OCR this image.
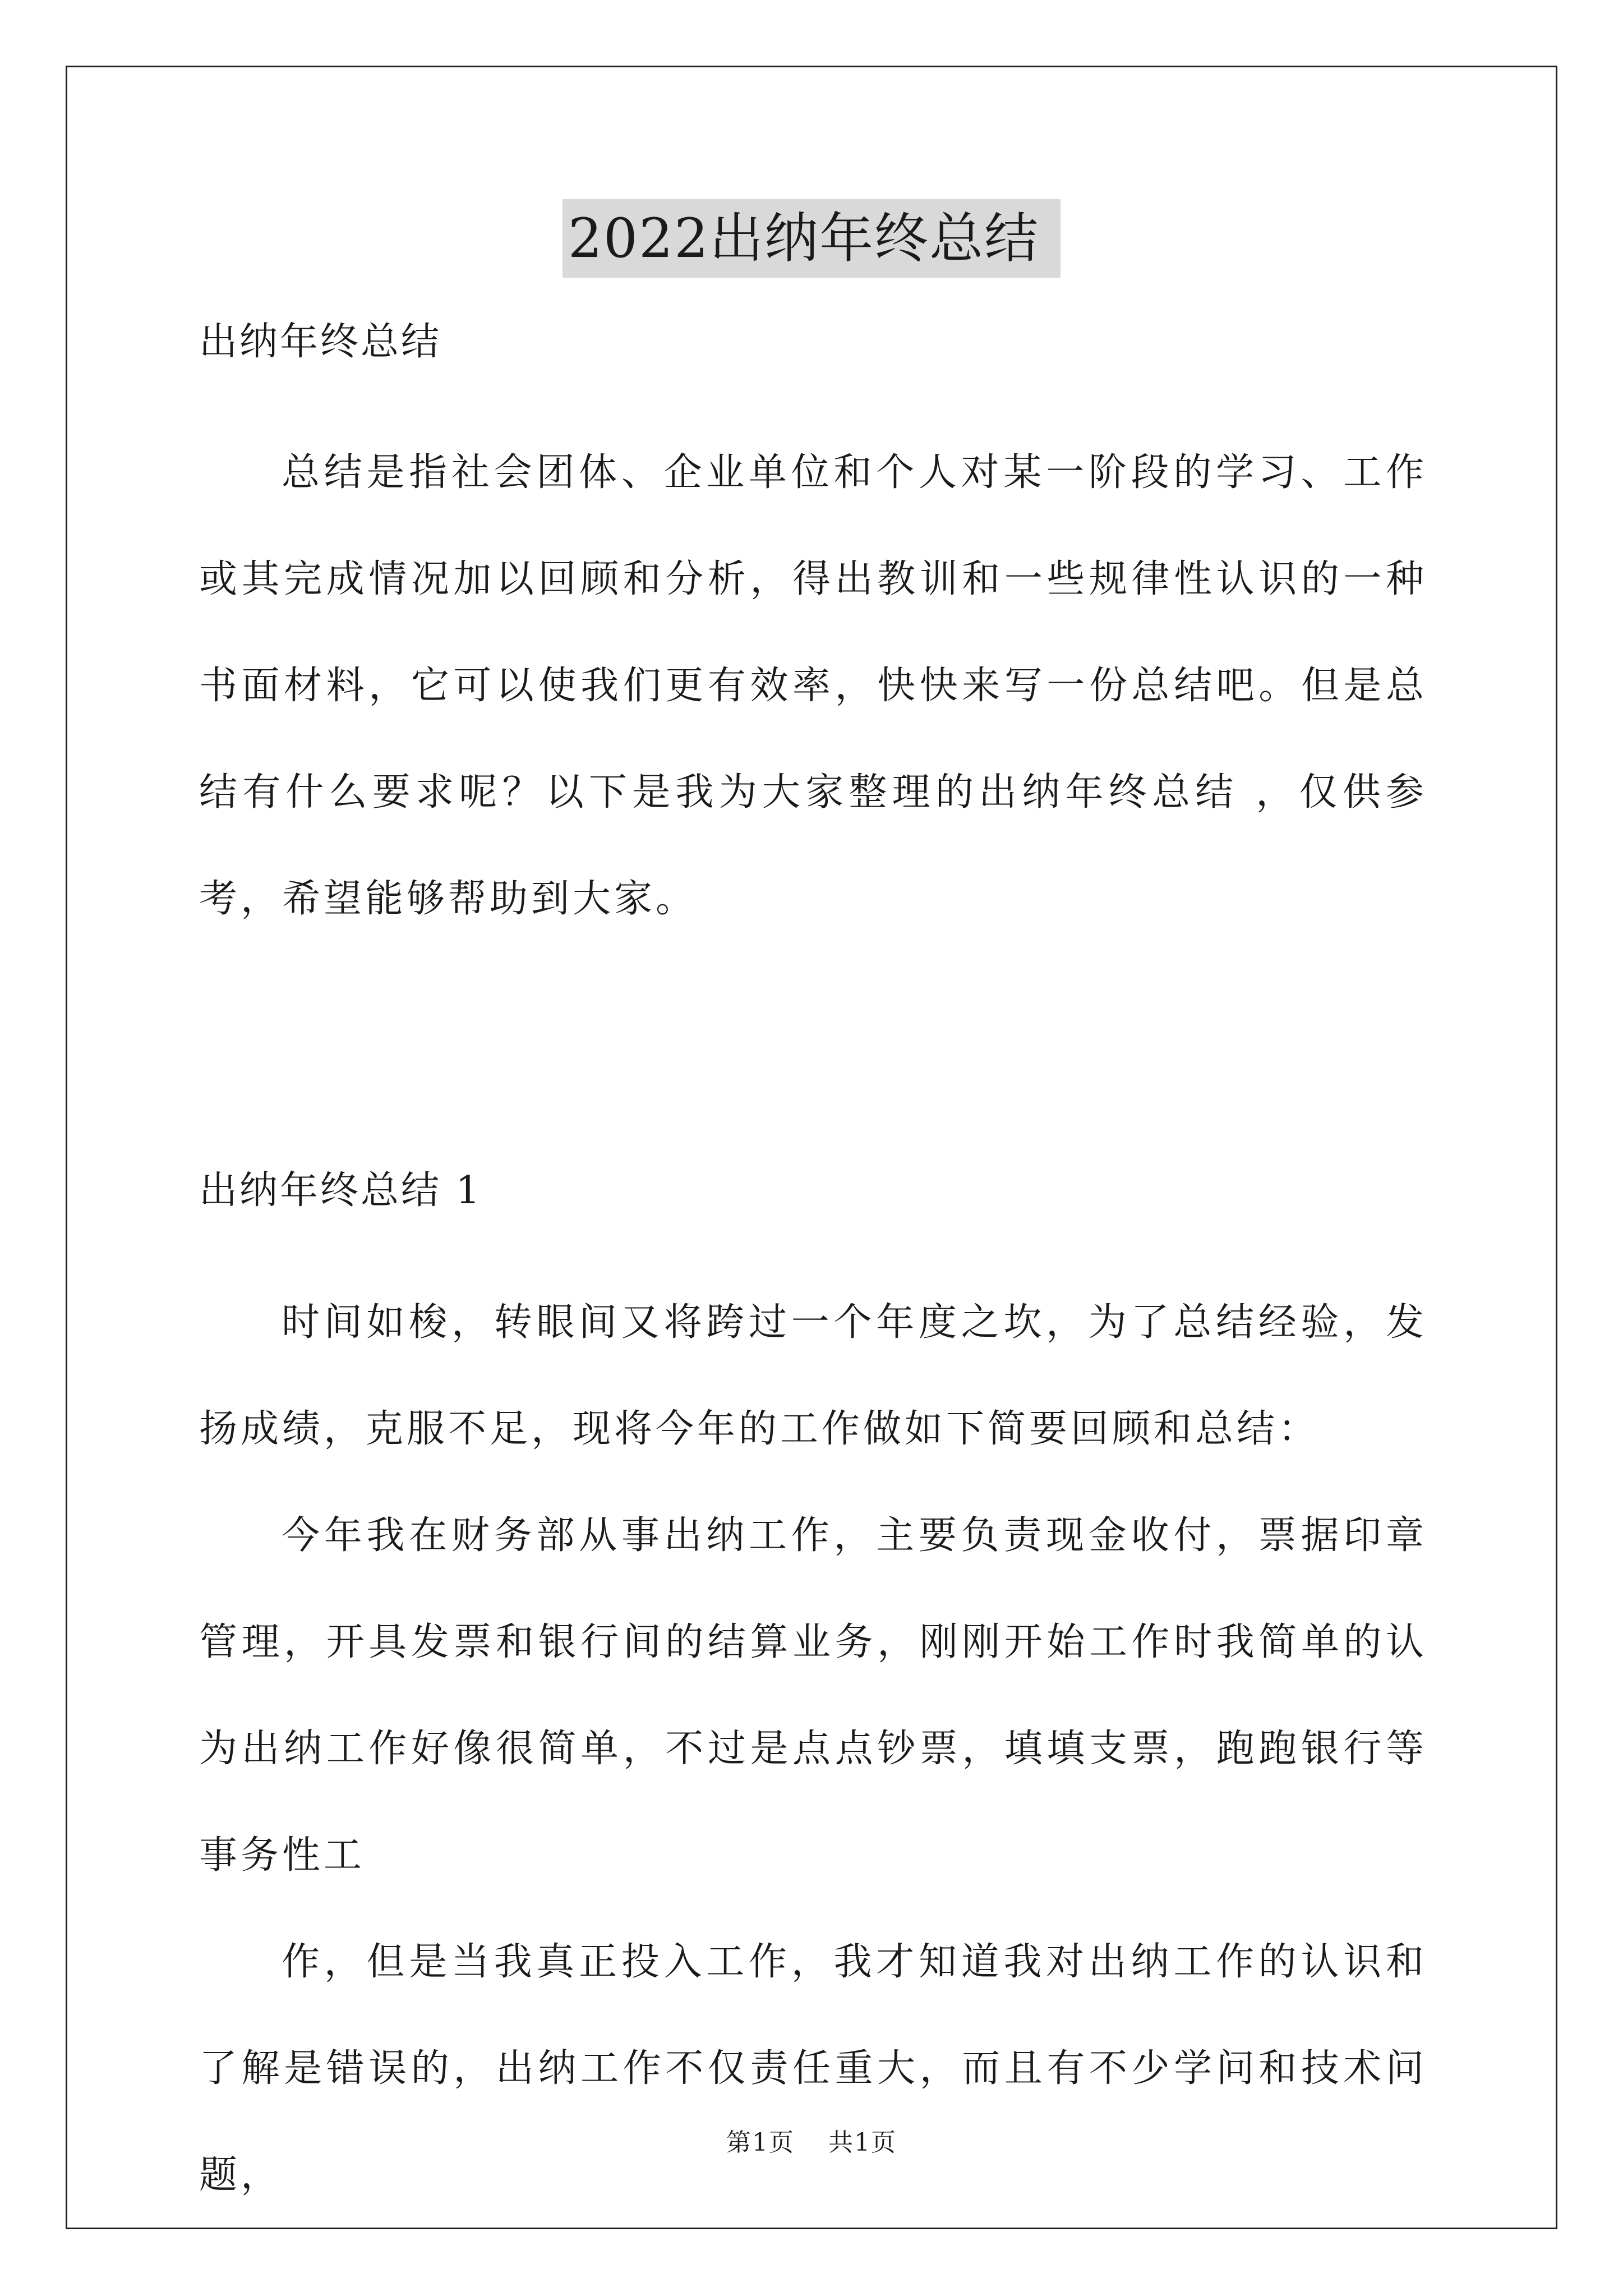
2022出纳年终总结

出纳年终总结

总结是指社会团体、企业单位和个人对某一阶段的学习、工作或其完成情况加以回顾和分析，得出教训和一些规律性认识的一种书面材料，它可以使我们更有效率，快快来写一份总结吧。但是总结有什么要求呢？以下是我为大家整理的出纳年终总结 ，仅供参考，希望能够帮助到大家。

出纳年终总结 1

时间如梭，转眼间又将跨过一个年度之坎，为了总结经验，发扬成绩，克服不足，现将今年的工作做如下简要回顾和总结：

今年我在财务部从事出纳工作，主要负责现金收付，票据印章管理，开具发票和银行间的结算业务，刚刚开始工作时我简单的认为出纳工作好像很简单，不过是点点钞票，填填支票，跑跑银行等事务性工

作，但是当我真正投入工作，我才知道我对出纳工作的认识和了解是错误的，出纳工作不仅责任重大，而且有不少学问和技术问题，

第1页 共1页
